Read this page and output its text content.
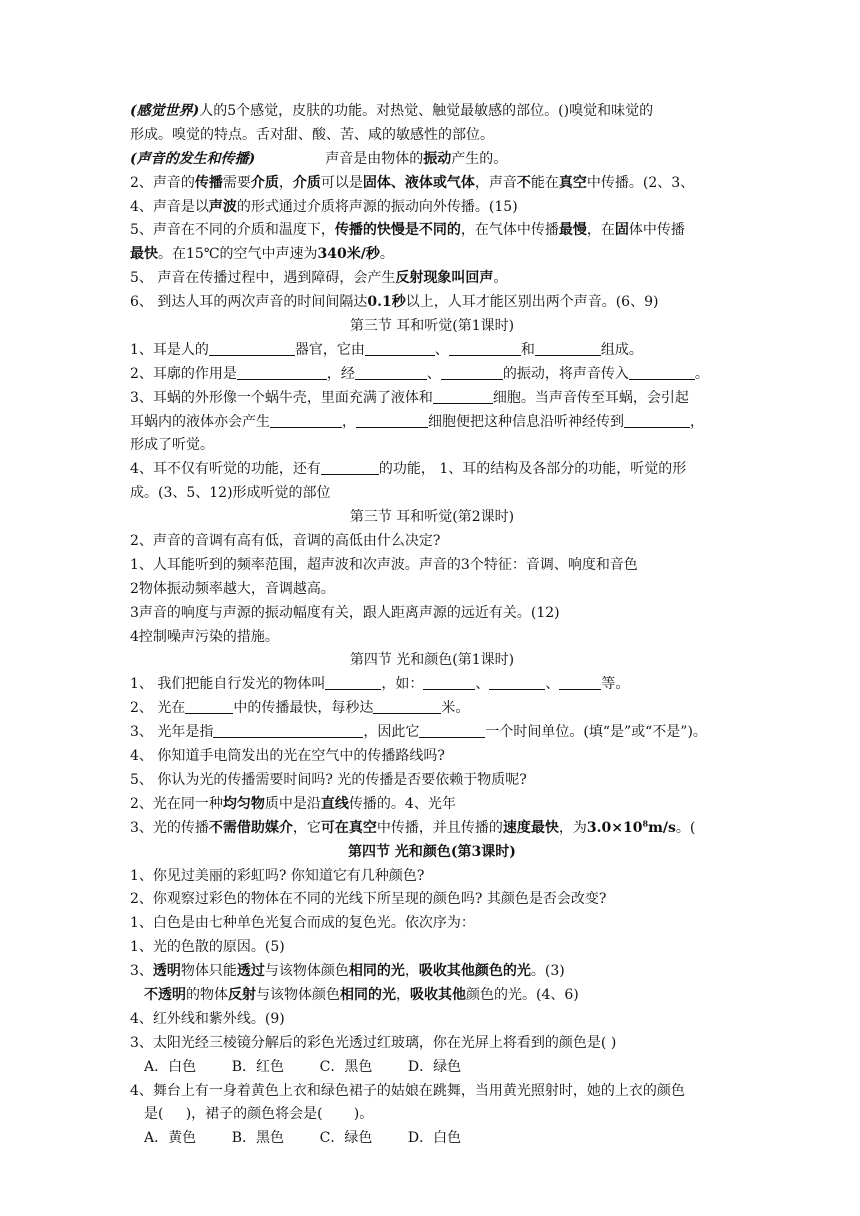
(感觉世界)人的5个感觉，皮肤的功能。对热觉、触觉最敏感的部位。()嗅觉和味觉的
形成。嗅觉的特点。舌对甜、酸、苦、咸的敏感性的部位。
(声音的发生和传播)	声音是由物体的振动产生的。
2、声音的传播需要介质，介质可以是固体、液体或气体，声音不能在真空中传播。(2、3、
4、声音是以声波的形式通过介质将声源的振动向外传播。(15)
5、声音在不同的介质和温度下，传播的快慢是不同的，在气体中传播最慢，在固体中传播
最快。在15℃的空气中声速为340米/秒。
5、 声音在传播过程中，遇到障碍，会产生反射现象叫回声。
6、 到达人耳的两次声音的时间间隔达0.1秒以上，人耳才能区别出两个声音。(6、9)
第三节 耳和听觉(第1课时)
1、耳是人的	器官，它由	、	和	组成。
2、耳廓的作用是	，经	、	的振动，将声音传入	。
3、耳蜗的外形像一个蜗牛壳，里面充满了液体和	细胞。当声音传至耳蜗，会引起
耳蜗内的液体亦会产生	，	细胞便把这种信息沿听神经传到	，
形成了听觉。
4、耳不仅有听觉的功能，还有	的功能， 1、耳的结构及各部分的功能，听觉的形
成。(3、5、12)形成听觉的部位
第三节 耳和听觉(第2课时)
2、声音的音调有高有低，音调的高低由什么决定?
1、人耳能听到的频率范围，超声波和次声波。声音的3个特征：音调、响度和音色
2物体振动频率越大，音调越高。
3声音的响度与声源的振动幅度有关，跟人距离声源的远近有关。(12)
4控制噪声污染的措施。
第四节 光和颜色(第1课时)
1、 我们把能自行发光的物体叫	，如：	、	、	等。
2、 光在	中的传播最快，每秒达	米。
3、 光年是指	，因此它	一个时间单位。(填“是”或“不是”)。
4、 你知道手电筒发出的光在空气中的传播路线吗?
5、 你认为光的传播需要时间吗? 光的传播是否要依赖于物质呢?
2、光在同一种均匀物质中是沿直线传播的。4、光年
3、光的传播不需借助媒介，它可在真空中传播，并且传播的速度最快，为$3.0\times 10^8m/s$。(
第四节 光和颜色(第3课时)
1、你见过美丽的彩虹吗? 你知道它有几种颜色?
2、你观察过彩色的物体在不同的光线下所呈现的颜色吗? 其颜色是否会改变?
1、白色是由七种单色光复合而成的复色光。依次序为：
1、光的色散的原因。(5)
3、透明物体只能透过与该物体颜色相同的光，吸收其他颜色的光。(3)
不透明的物体反射与该物体颜色相同的光，吸收其他颜色的光。(4、6)
4、红外线和紫外线。(9)
3、太阳光经三棱镜分解后的彩色光透过红玻璃，你在光屏上将看到的颜色是( )
A．白色        B．红色        C．黑色        D．绿色
4、舞台上有一身着黄色上衣和绿色裙子的姑娘在跳舞，当用黄光照射时，她的上衣的颜色
是(     )，裙子的颜色将会是(       )。
A．黄色        B．黑色        C．绿色        D．白色
